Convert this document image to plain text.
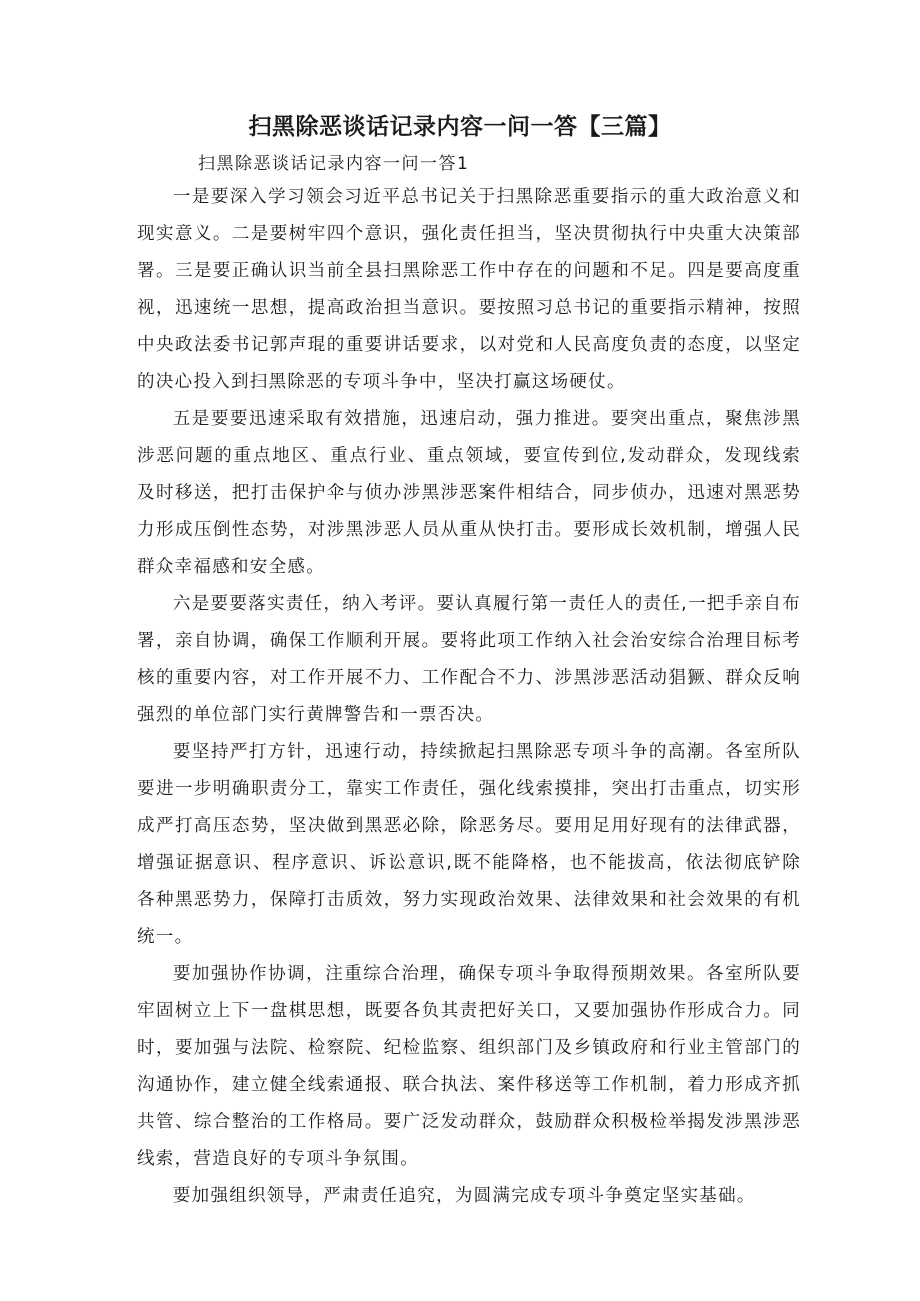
扫黑除恶谈话记录内容一问一答【三篇】

扫黑除恶谈话记录内容一问一答1

一是要深入学习领会习近平总书记关于扫黑除恶重要指示的重大政治意义和现实意义。二是要树牢四个意识，强化责任担当，坚决贯彻执行中央重大决策部署。三是要正确认识当前全县扫黑除恶工作中存在的问题和不足。四是要高度重视，迅速统一思想，提高政治担当意识。要按照习总书记的重要指示精神，按照中央政法委书记郭声琨的重要讲话要求，以对党和人民高度负责的态度，以坚定的决心投入到扫黑除恶的专项斗争中，坚决打赢这场硬仗。

五是要要迅速采取有效措施，迅速启动，强力推进。要突出重点，聚焦涉黑涉恶问题的重点地区、重点行业、重点领域，要宣传到位,发动群众，发现线索及时移送，把打击保护伞与侦办涉黑涉恶案件相结合，同步侦办，迅速对黑恶势力形成压倒性态势，对涉黑涉恶人员从重从快打击。要形成长效机制，增强人民群众幸福感和安全感。

六是要要落实责任，纳入考评。要认真履行第一责任人的责任,一把手亲自布署，亲自协调，确保工作顺利开展。要将此项工作纳入社会治安综合治理目标考核的重要内容，对工作开展不力、工作配合不力、涉黑涉恶活动猖獗、群众反响强烈的单位部门实行黄牌警告和一票否决。

要坚持严打方针，迅速行动，持续掀起扫黑除恶专项斗争的高潮。各室所队要进一步明确职责分工，靠实工作责任，强化线索摸排，突出打击重点，切实形成严打高压态势，坚决做到黑恶必除，除恶务尽。要用足用好现有的法律武器，增强证据意识、程序意识、诉讼意识,既不能降格，也不能拔高，依法彻底铲除各种黑恶势力，保障打击质效，努力实现政治效果、法律效果和社会效果的有机统一。

要加强协作协调，注重综合治理，确保专项斗争取得预期效果。各室所队要牢固树立上下一盘棋思想，既要各负其责把好关口，又要加强协作形成合力。同时，要加强与法院、检察院、纪检监察、组织部门及乡镇政府和行业主管部门的沟通协作，建立健全线索通报、联合执法、案件移送等工作机制，着力形成齐抓共管、综合整治的工作格局。要广泛发动群众，鼓励群众积极检举揭发涉黑涉恶线索，营造良好的专项斗争氛围。

要加强组织领导，严肃责任追究，为圆满完成专项斗争奠定坚实基础。
